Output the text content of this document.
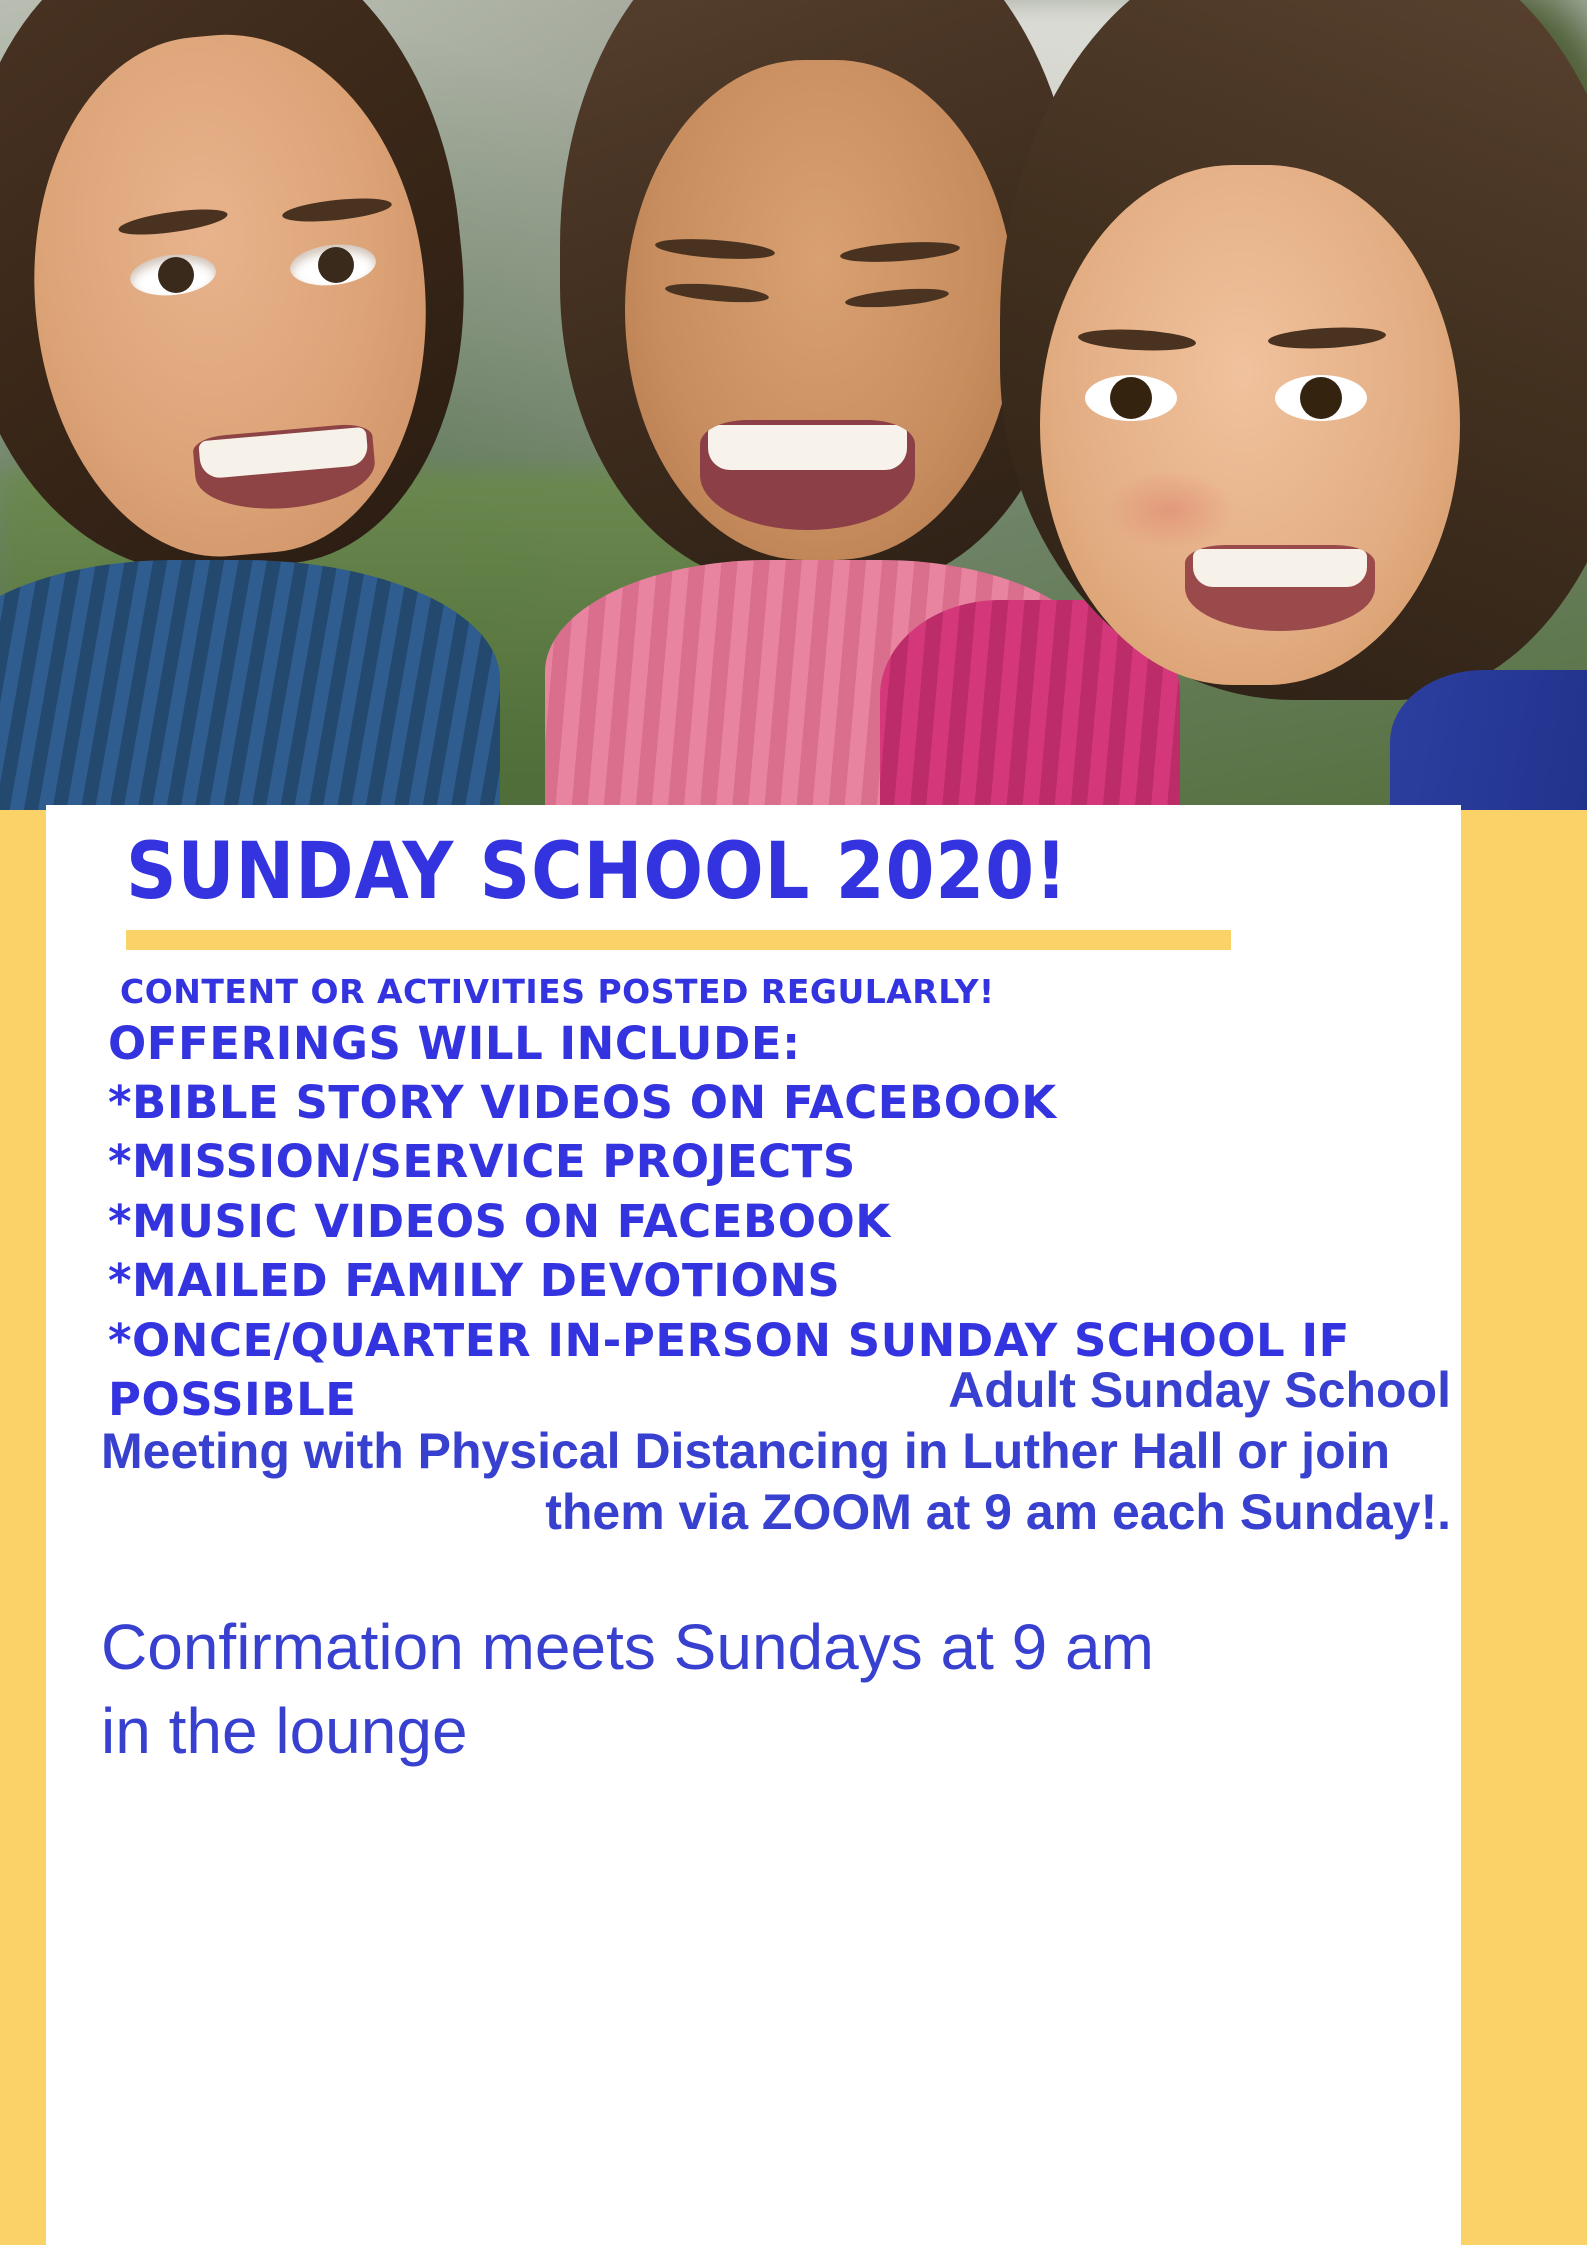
SUNDAY SCHOOL 2020!
CONTENT OR ACTIVITIES POSTED REGULARLY!
OFFERINGS WILL INCLUDE:
*BIBLE STORY VIDEOS ON FACEBOOK
*MISSION/SERVICE PROJECTS
*MUSIC VIDEOS ON FACEBOOK
*MAILED FAMILY DEVOTIONS
*ONCE/QUARTER IN-PERSON SUNDAY SCHOOL IF
POSSIBLE	Adult Sunday School
Meeting with Physical Distancing in Luther Hall or join
them via ZOOM at 9 am each Sunday!.
Confirmation meets Sundays at 9 am
in the lounge
